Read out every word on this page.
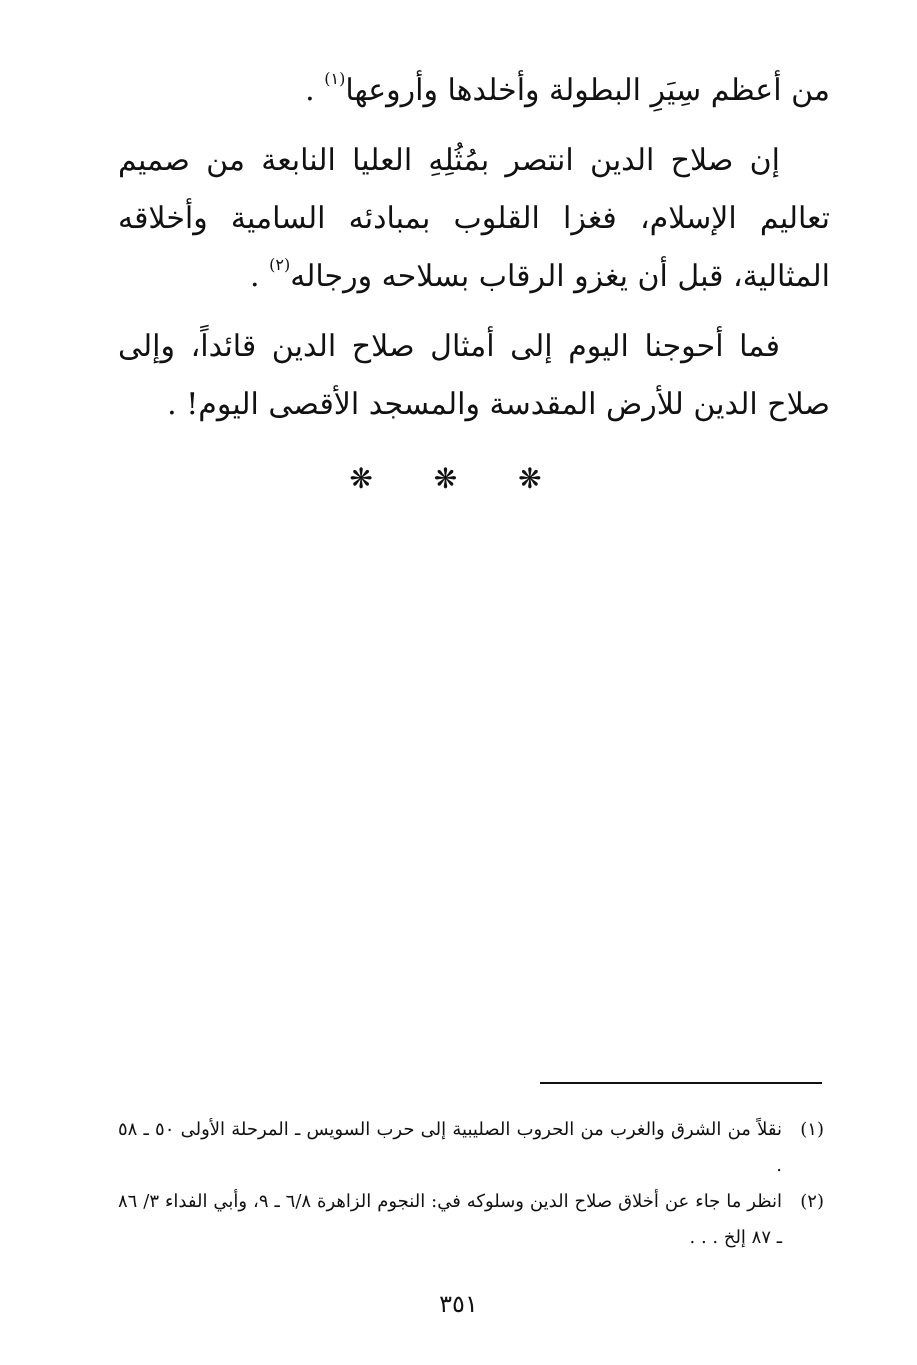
من أعظم سِيَرِ البطولة وأخلدها وأروعها$^{(١)}$ .

إن صلاح الدين انتصر بمُثُلِهِ العليا النابعة من صميم تعاليم الإسلام، فغزا القلوب بمبادئه السامية وأخلاقه المثالية، قبل أن يغزو الرقاب بسلاحه ورجاله$^{(٢)}$ .

فما أحوجنا اليوم إلى أمثال صلاح الدين قائداً، وإلى صلاح الدين للأرض المقدسة والمسجد الأقصى اليوم! .

❋ ❋ ❋
(١)
نقلاً من الشرق والغرب من الحروب الصليبية إلى حرب السويس ـ المرحلة الأولى ٥٠ ـ ٥٨ .
(٢)
انظر ما جاء عن أخلاق صلاح الدين وسلوكه في: النجوم الزاهرة ٦/٨ ـ ٩، وأبي الفداء ٣/ ٨٦ ـ ٨٧ إلخ . . .
٣٥١
